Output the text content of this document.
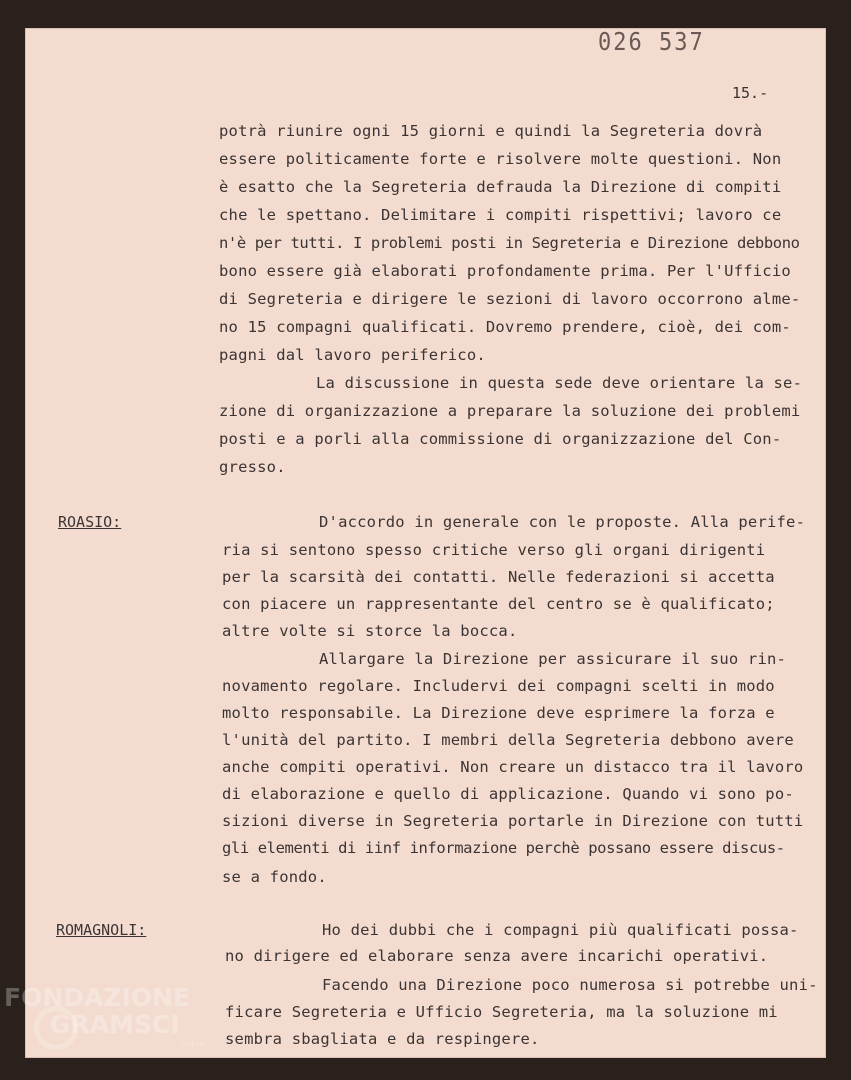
026 537
15.-
ROASIO:
ROMAGNOLI:
potrà riunire ogni 15 giorni e quindi la Segreteria dovrà
essere politicamente forte e risolvere molte questioni. Non
è esatto che la Segreteria defrauda la Direzione di compiti
che le spettano. Delimitare i compiti rispettivi; lavoro ce
n'è per tutti. I problemi posti in Segreteria e Direzione debbono
bono essere già elaborati profondamente prima. Per l'Ufficio
di Segreteria e dirigere le sezioni di lavoro occorrono alme-
no 15 compagni qualificati. Dovremo prendere, cioè, dei com-
pagni dal lavoro periferico.
La discussione in questa sede deve orientare la se-
zione di organizzazione a preparare la soluzione dei problemi
posti e a porli alla commissione di organizzazione del Con-
gresso.
D'accordo in generale con le proposte. Alla perife-
ria si sentono spesso critiche verso gli organi dirigenti
per la scarsità dei contatti. Nelle federazioni si accetta
con piacere un rappresentante del centro se è qualificato;
altre volte si storce la bocca.
Allargare la Direzione per assicurare il suo rin-
novamento regolare. Includervi dei compagni scelti in modo
molto responsabile. La Direzione deve esprimere la forza e
l'unità del partito. I membri della Segreteria debbono avere
anche compiti operativi. Non creare un distacco tra il lavoro
di elaborazione e quello di applicazione. Quando vi sono po-
sizioni diverse in Segreteria portarle in Direzione con tutti
gli elementi di iinf informazione perchè possano essere discus-
se a fondo.
Ho dei dubbi che i compagni più qualificati possa-
no dirigere ed elaborare senza avere incarichi operativi.
Facendo una Direzione poco numerosa si potrebbe uni-
ficare Segreteria e Ufficio Segreteria, ma la soluzione mi
sembra sbagliata e da respingere.
FONDAZIONE
GRAMSCI
onlus
